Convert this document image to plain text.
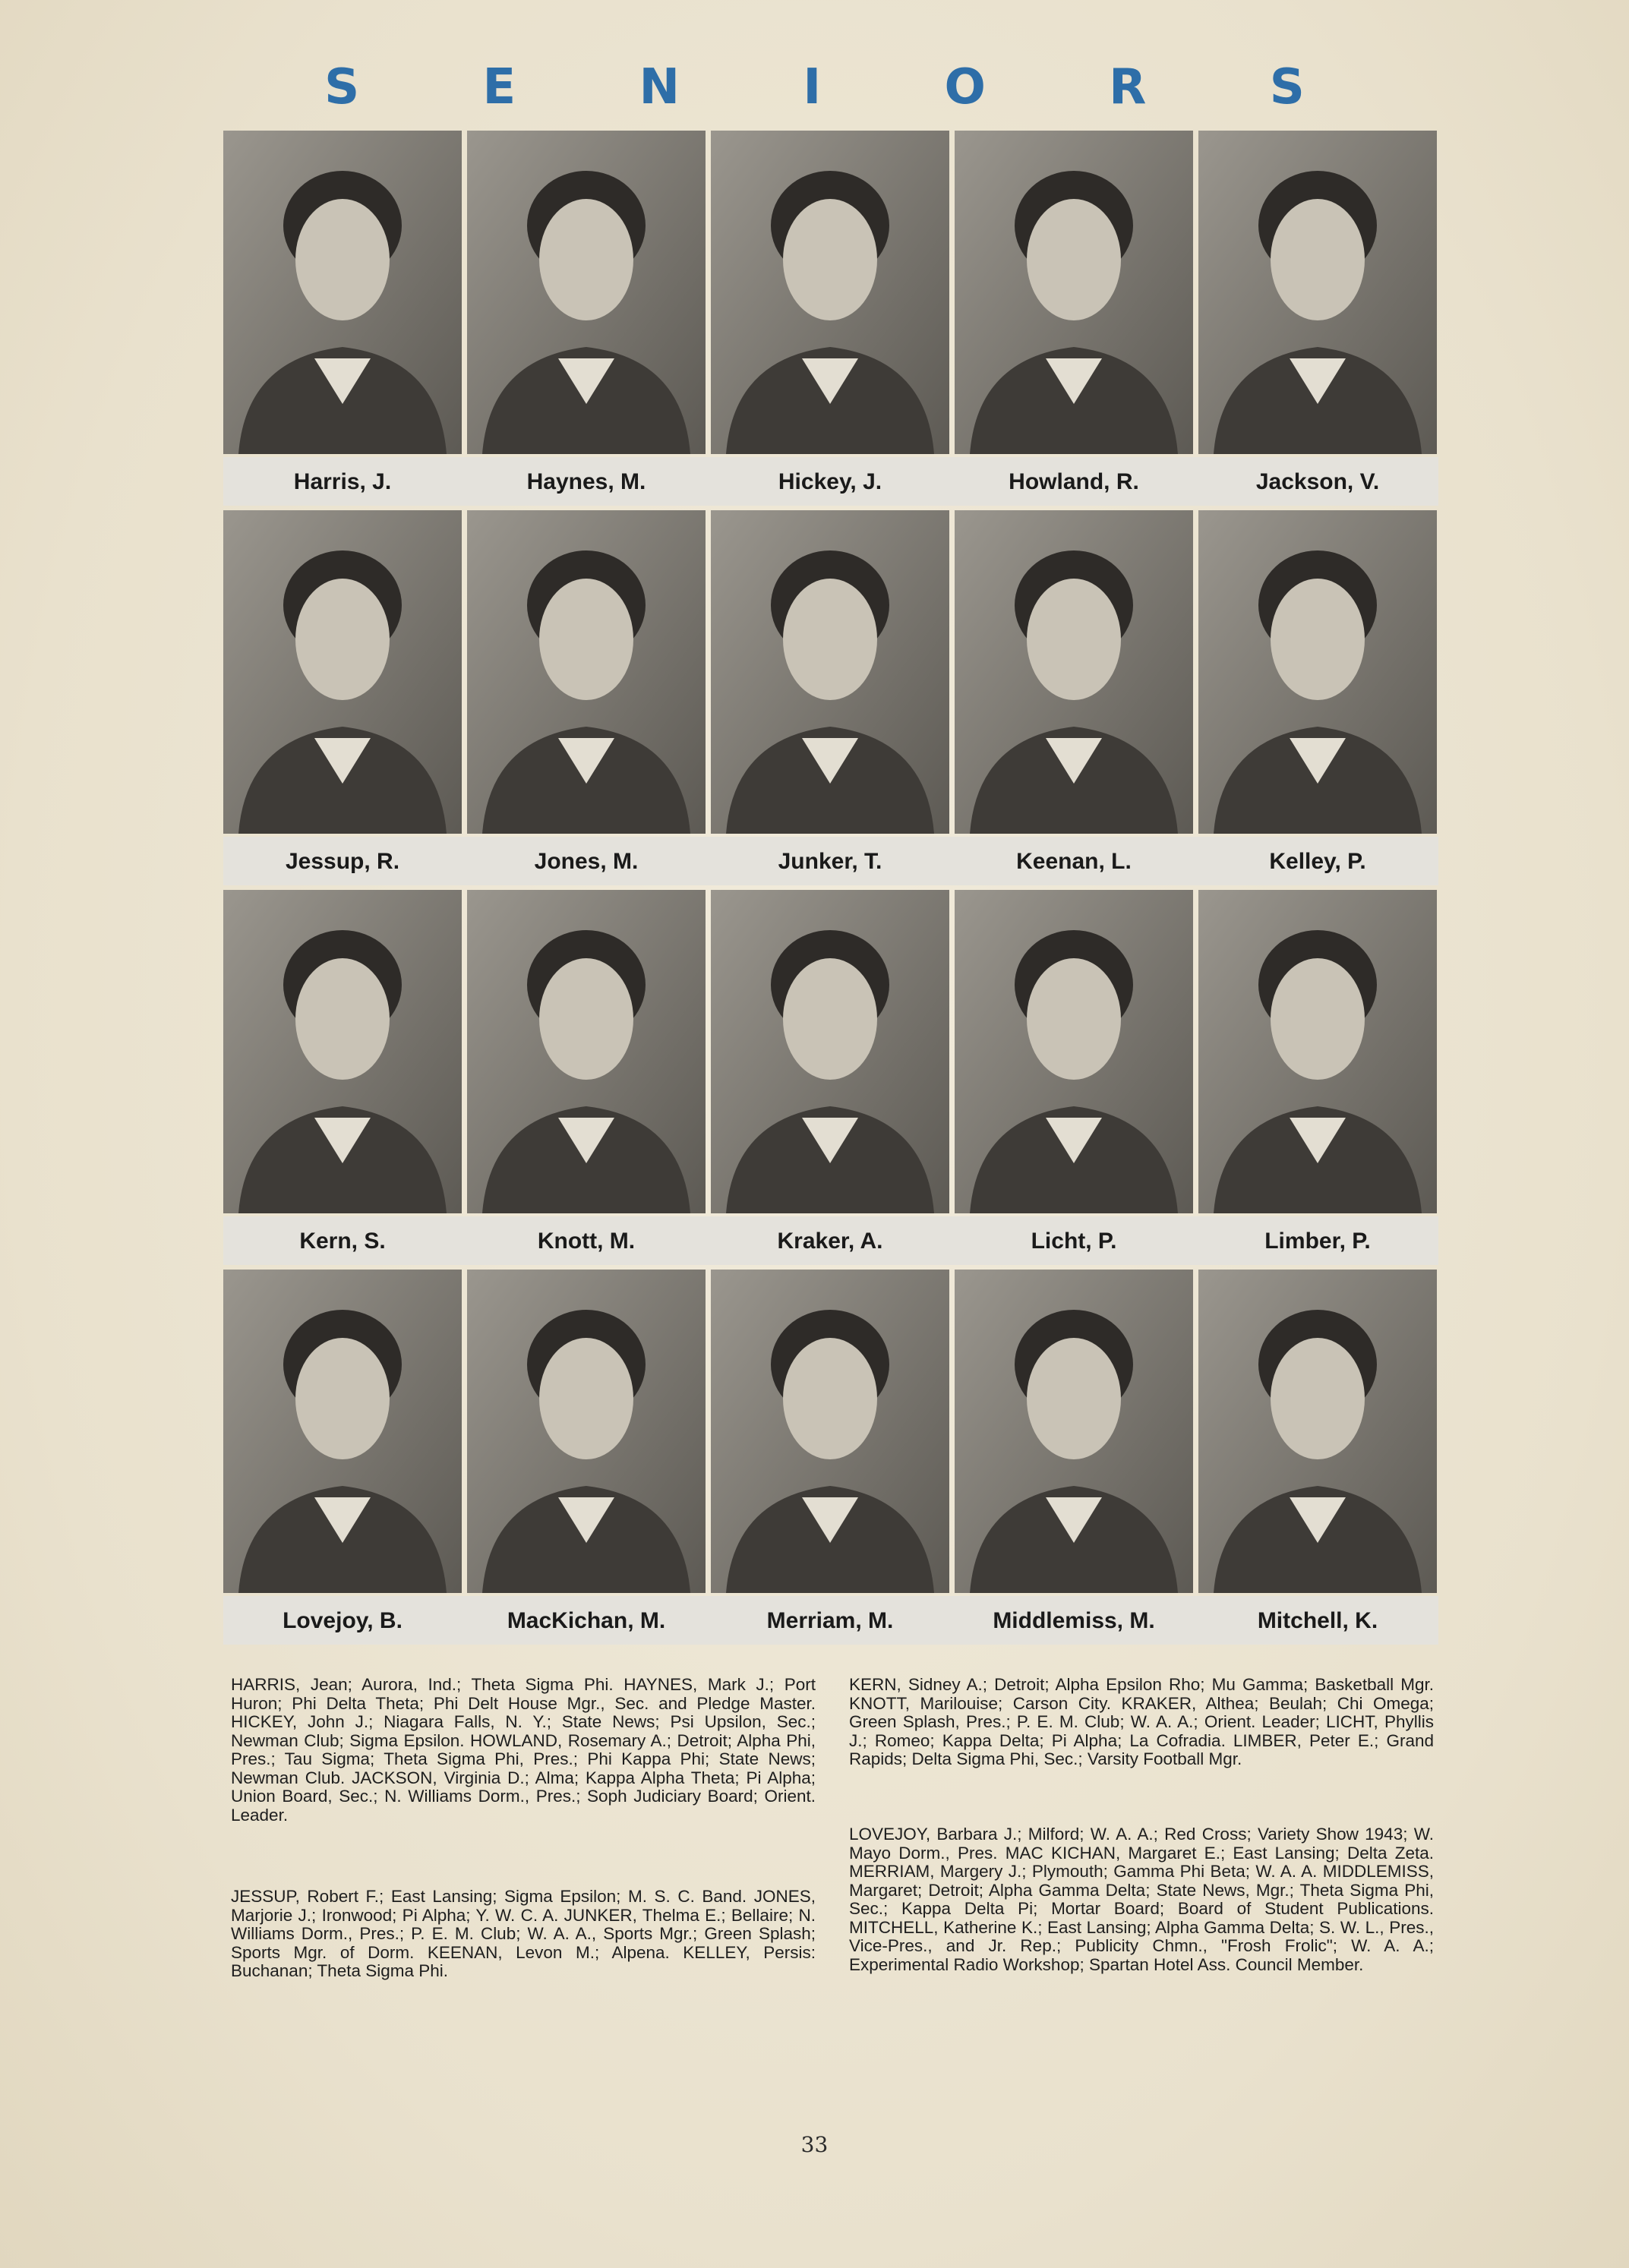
S E N I O R S
Harris, J.	Haynes, M.	Hickey, J.	Howland, R.	Jackson, V.
Jessup, R.	Jones, M.	Junker, T.	Keenan, L.	Kelley, P.
Kern, S.	Knott, M.	Kraker, A.	Licht, P.	Limber, P.
Lovejoy, B.	MacKichan, M.	Merriam, M.	Middlemiss, M.	Mitchell, K.
HARRIS, Jean; Aurora, Ind.; Theta Sigma Phi. HAYNES, Mark J.; Port Huron; Phi Delta Theta; Phi Delt House Mgr., Sec. and Pledge Master. HICKEY, John J.; Niagara Falls, N. Y.; State News; Psi Upsilon, Sec.; Newman Club; Sigma Epsilon. HOWLAND, Rosemary A.; Detroit; Alpha Phi, Pres.; Tau Sigma; Theta Sigma Phi, Pres.; Phi Kappa Phi; State News; Newman Club. JACKSON, Virginia D.; Alma; Kappa Alpha Theta; Pi Alpha; Union Board, Sec.; N. Williams Dorm., Pres.; Soph Judiciary Board; Orient. Leader.
JESSUP, Robert F.; East Lansing; Sigma Epsilon; M. S. C. Band. JONES, Marjorie J.; Ironwood; Pi Alpha; Y. W. C. A. JUNKER, Thelma E.; Bellaire; N. Williams Dorm., Pres.; P. E. M. Club; W. A. A., Sports Mgr.; Green Splash; Sports Mgr. of Dorm. KEENAN, Levon M.; Alpena. KELLEY, Persis: Buchanan; Theta Sigma Phi.
KERN, Sidney A.; Detroit; Alpha Epsilon Rho; Mu Gamma; Basketball Mgr. KNOTT, Marilouise; Carson City. KRAKER, Althea; Beulah; Chi Omega; Green Splash, Pres.; P. E. M. Club; W. A. A.; Orient. Leader; LICHT, Phyllis J.; Romeo; Kappa Delta; Pi Alpha; La Cofradia. LIMBER, Peter E.; Grand Rapids; Delta Sigma Phi, Sec.; Varsity Football Mgr.
LOVEJOY, Barbara J.; Milford; W. A. A.; Red Cross; Variety Show 1943; W. Mayo Dorm., Pres. MAC KICHAN, Margaret E.; East Lansing; Delta Zeta. MERRIAM, Margery J.; Plymouth; Gamma Phi Beta; W. A. A. MIDDLEMISS, Margaret; Detroit; Alpha Gamma Delta; State News, Mgr.; Theta Sigma Phi, Sec.; Kappa Delta Pi; Mortar Board; Board of Student Publications. MITCHELL, Katherine K.; East Lansing; Alpha Gamma Delta; S. W. L., Pres., Vice-Pres., and Jr. Rep.; Publicity Chmn., "Frosh Frolic"; W. A. A.; Experimental Radio Workshop; Spartan Hotel Ass. Council Member.
33
